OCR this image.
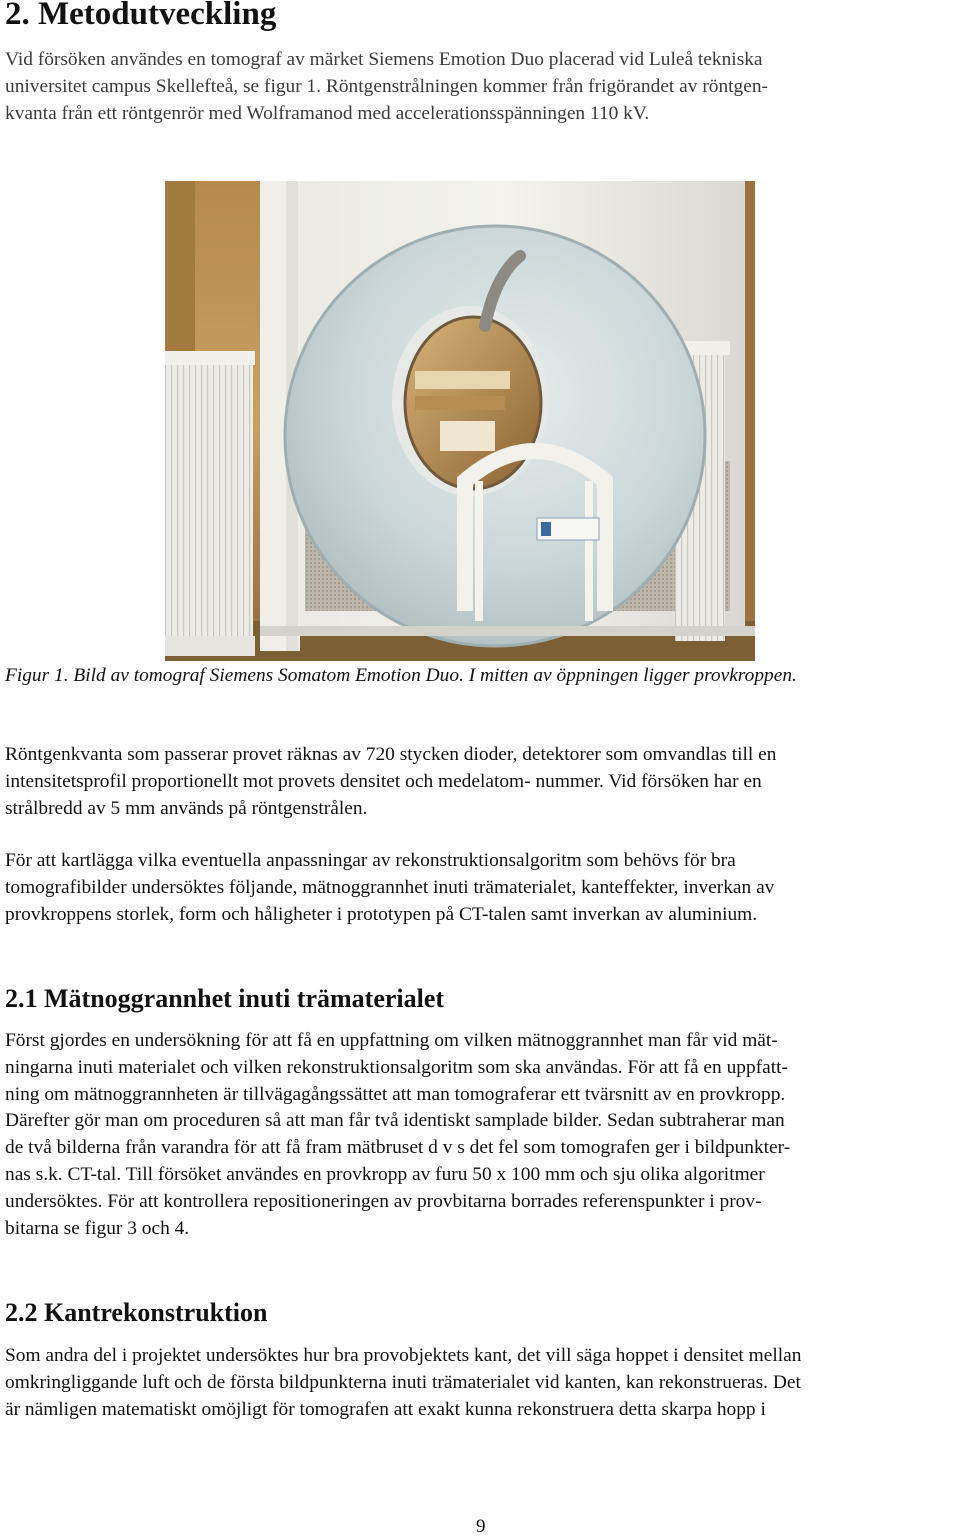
2. Metodutveckling

Vid försöken användes en tomograf av märket Siemens Emotion Duo placerad vid Luleå tekniska
universitet campus Skellefteå, se figur 1. Röntgenstrålningen kommer från frigörandet av röntgen-
kvanta från ett röntgenrör med Wolframanod med accelerationsspänningen 110 kV.

Figur 1. Bild av tomograf Siemens Somatom Emotion Duo. I mitten av öppningen ligger provkroppen.

Röntgenkvanta som passerar provet räknas av 720 stycken dioder, detektorer som omvandlas till en
intensitetsprofil proportionellt mot provets densitet och medelatom- nummer. Vid försöken har en
strålbredd av 5 mm används på röntgenstrålen.

För att kartlägga vilka eventuella anpassningar av rekonstruktionsalgoritm som behövs för bra
tomografibilder undersöktes följande, mätnoggrannhet inuti trämaterialet, kanteffekter, inverkan av
provkroppens storlek, form och håligheter i prototypen på CT-talen samt inverkan av aluminium.

2.1 Mätnoggrannhet inuti trämaterialet

Först gjordes en undersökning för att få en uppfattning om vilken mätnoggrannhet man får vid mät-
ningarna inuti materialet och vilken rekonstruktionsalgoritm som ska användas. För att få en uppfatt-
ning om mätnoggrannheten är tillvägagångssättet att man tomograferar ett tvärsnitt av en provkropp.
Därefter gör man om proceduren så att man får två identiskt samplade bilder. Sedan subtraherar man
de två bilderna från varandra för att få fram mätbruset d v s det fel som tomografen ger i bildpunkter-
nas s.k. CT-tal. Till försöket användes en provkropp av furu 50 x 100 mm och sju olika algoritmer
undersöktes. För att kontrollera repositioneringen av provbitarna borrades referenspunkter i prov-
bitarna se figur 3 och 4.

2.2 Kantrekonstruktion

Som andra del i projektet undersöktes hur bra provobjektets kant, det vill säga hoppet i densitet mellan
omkringliggande luft och de första bildpunkterna inuti trämaterialet vid kanten, kan rekonstrueras. Det
är nämligen matematiskt omöjligt för tomografen att exakt kunna rekonstruera detta skarpa hopp i

9
